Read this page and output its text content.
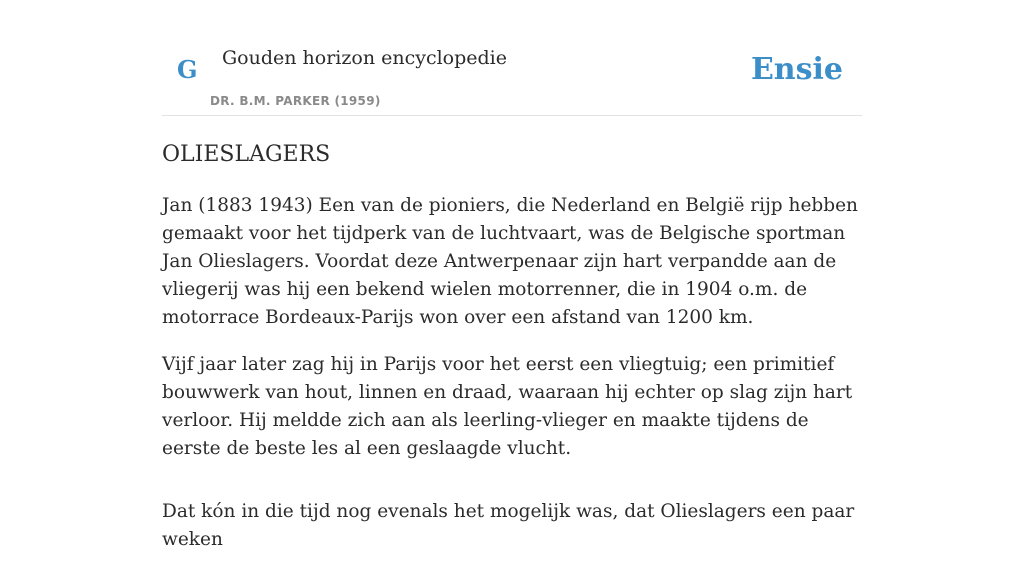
G Gouden horizon encyclopedie
DR. B.M. PARKER (1959)
Ensie
OLIESLAGERS

Jan (1883 1943) Een van de pioniers, die Nederland en België rijp hebben gemaakt voor het tijdperk van de luchtvaart, was de Belgische sportman Jan Olieslagers. Voordat deze Antwerpenaar zijn hart verpandde aan de vliegerij was hij een bekend wielen motorrenner, die in 1904 o.m. de motorrace Bordeaux-Parijs won over een afstand van 1200 km.

Vijf jaar later zag hij in Parijs voor het eerst een vliegtuig; een primitief bouwwerk van hout, linnen en draad, waaraan hij echter op slag zijn hart verloor. Hij meldde zich aan als leerling-vlieger en maakte tijdens de eerste de beste les al een geslaagde vlucht.

Dat kón in die tijd nog evenals het mogelijk was, dat Olieslagers een paar weken
